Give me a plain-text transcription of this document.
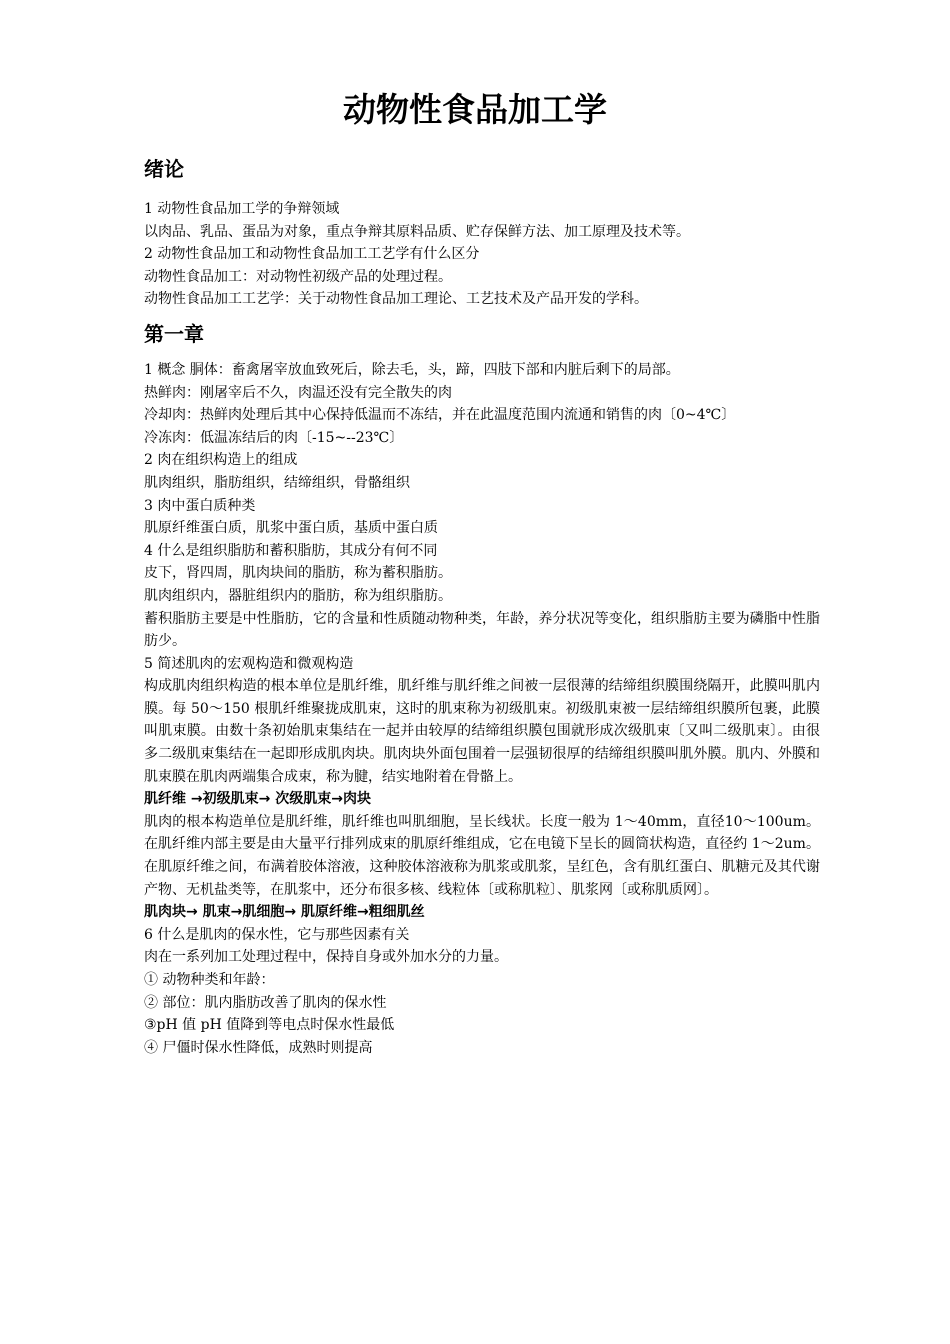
动物性食品加工学
绪论

1 动物性食品加工学的争辩领域

以肉品、乳品、蛋品为对象，重点争辩其原料品质、贮存保鲜方法、加工原理及技术等。

2 动物性食品加工和动物性食品加工工艺学有什么区分

动物性食品加工：对动物性初级产品的处理过程。

动物性食品加工工艺学：关于动物性食品加工理论、工艺技术及产品开发的学科。

第一章

1 概念 胴体：畜禽屠宰放血致死后，除去毛，头，蹄，四肢下部和内脏后剩下的局部。

热鲜肉：刚屠宰后不久，肉温还没有完全散失的肉

冷却肉：热鲜肉处理后其中心保持低温而不冻结，并在此温度范围内流通和销售的肉〔0~4℃〕

冷冻肉：低温冻结后的肉〔-15~--23℃〕

2 肉在组织构造上的组成

肌肉组织，脂肪组织，结缔组织，骨骼组织

3 肉中蛋白质种类

肌原纤维蛋白质，肌浆中蛋白质，基质中蛋白质

4 什么是组织脂肪和蓄积脂肪，其成分有何不同

皮下，肾四周，肌肉块间的脂肪，称为蓄积脂肪。

肌肉组织内，器脏组织内的脂肪，称为组织脂肪。

蓄积脂肪主要是中性脂肪，它的含量和性质随动物种类，年龄，养分状况等变化，组织脂肪主要为磷脂中性脂肪少。

5 简述肌肉的宏观构造和微观构造

构成肌肉组织构造的根本单位是肌纤维，肌纤维与肌纤维之间被一层很薄的结缔组织膜围绕隔开，此膜叫肌内膜。每 50～150 根肌纤维聚拢成肌束，这时的肌束称为初级肌束。初级肌束被一层结缔组织膜所包裹，此膜叫肌束膜。由数十条初始肌束集结在一起并由较厚的结缔组织膜包围就形成次级肌束〔又叫二级肌束〕。由很多二级肌束集结在一起即形成肌肉块。肌肉块外面包围着一层强韧很厚的结缔组织膜叫肌外膜。肌内、外膜和肌束膜在肌肉两端集合成束，称为腱，结实地附着在骨骼上。

肌纤维 →初级肌束→ 次级肌束→肉块

肌肉的根本构造单位是肌纤维，肌纤维也叫肌细胞，呈长线状。长度一般为 1～40mm，直径10～100um。在肌纤维内部主要是由大量平行排列成束的肌原纤维组成，它在电镜下呈长的圆筒状构造，直径约 1～2um。在肌原纤维之间，布满着胶体溶液，这种胶体溶液称为肌浆或肌浆，呈红色，含有肌红蛋白、肌糖元及其代谢产物、无机盐类等，在肌浆中，还分布很多核、线粒体〔或称肌粒〕、肌浆网〔或称肌质网〕。

肌肉块→ 肌束→肌细胞→ 肌原纤维→粗细肌丝

6 什么是肌肉的保水性，它与那些因素有关

肉在一系列加工处理过程中，保持自身或外加水分的力量。

① 动物种类和年龄：

② 部位：肌内脂肪改善了肌肉的保水性

③pH 值 pH 值降到等电点时保水性最低

④ 尸僵时保水性降低，成熟时则提高
